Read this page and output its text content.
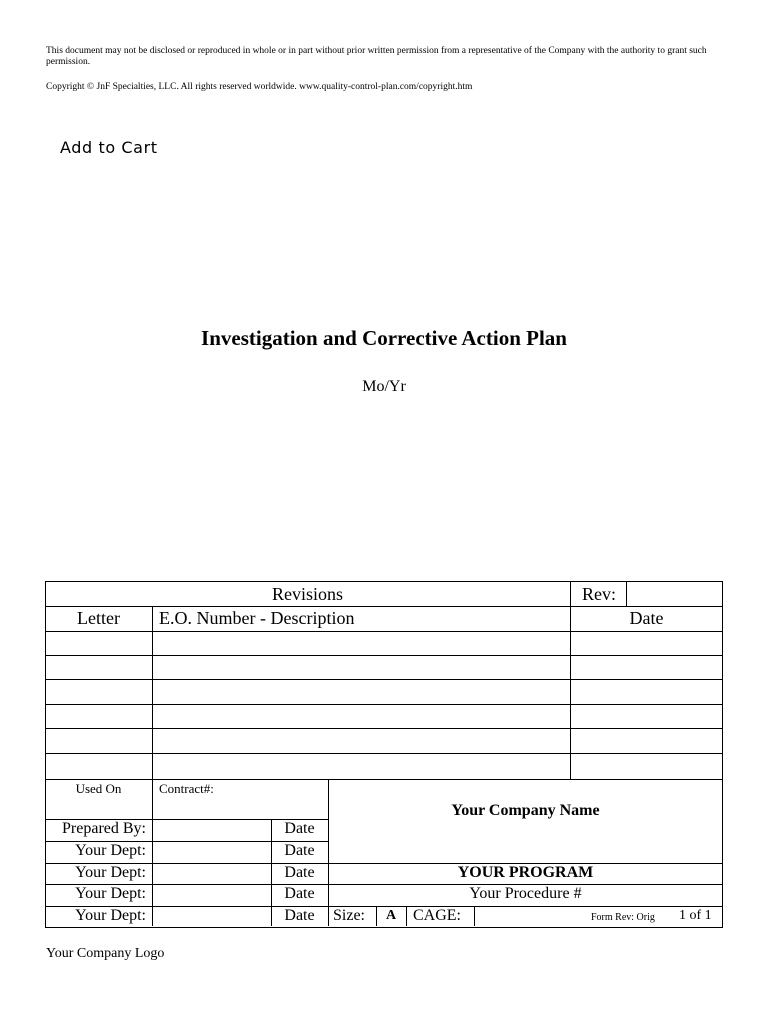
This document may not be disclosed or reproduced in whole or in part without prior written permission from a representative of the Company with the authority to grant such permission.
Copyright © JnF Specialties, LLC. All rights reserved worldwide. www.quality-control-plan.com/copyright.htm
Add to Cart
Investigation and Corrective Action Plan
Mo/Yr
Revisions	Rev:
Letter	E.O. Number - Description	Date
Used On	Contract#:
Your Company Name
Prepared By:	Date
Your Dept:	Date
Your Dept:	Date
Your Dept:	Date
Your Dept:	Date
YOUR PROGRAM
Your Procedure #
Size:	A	CAGE:	Form Rev: Orig 1 of 1
Your Company Logo
